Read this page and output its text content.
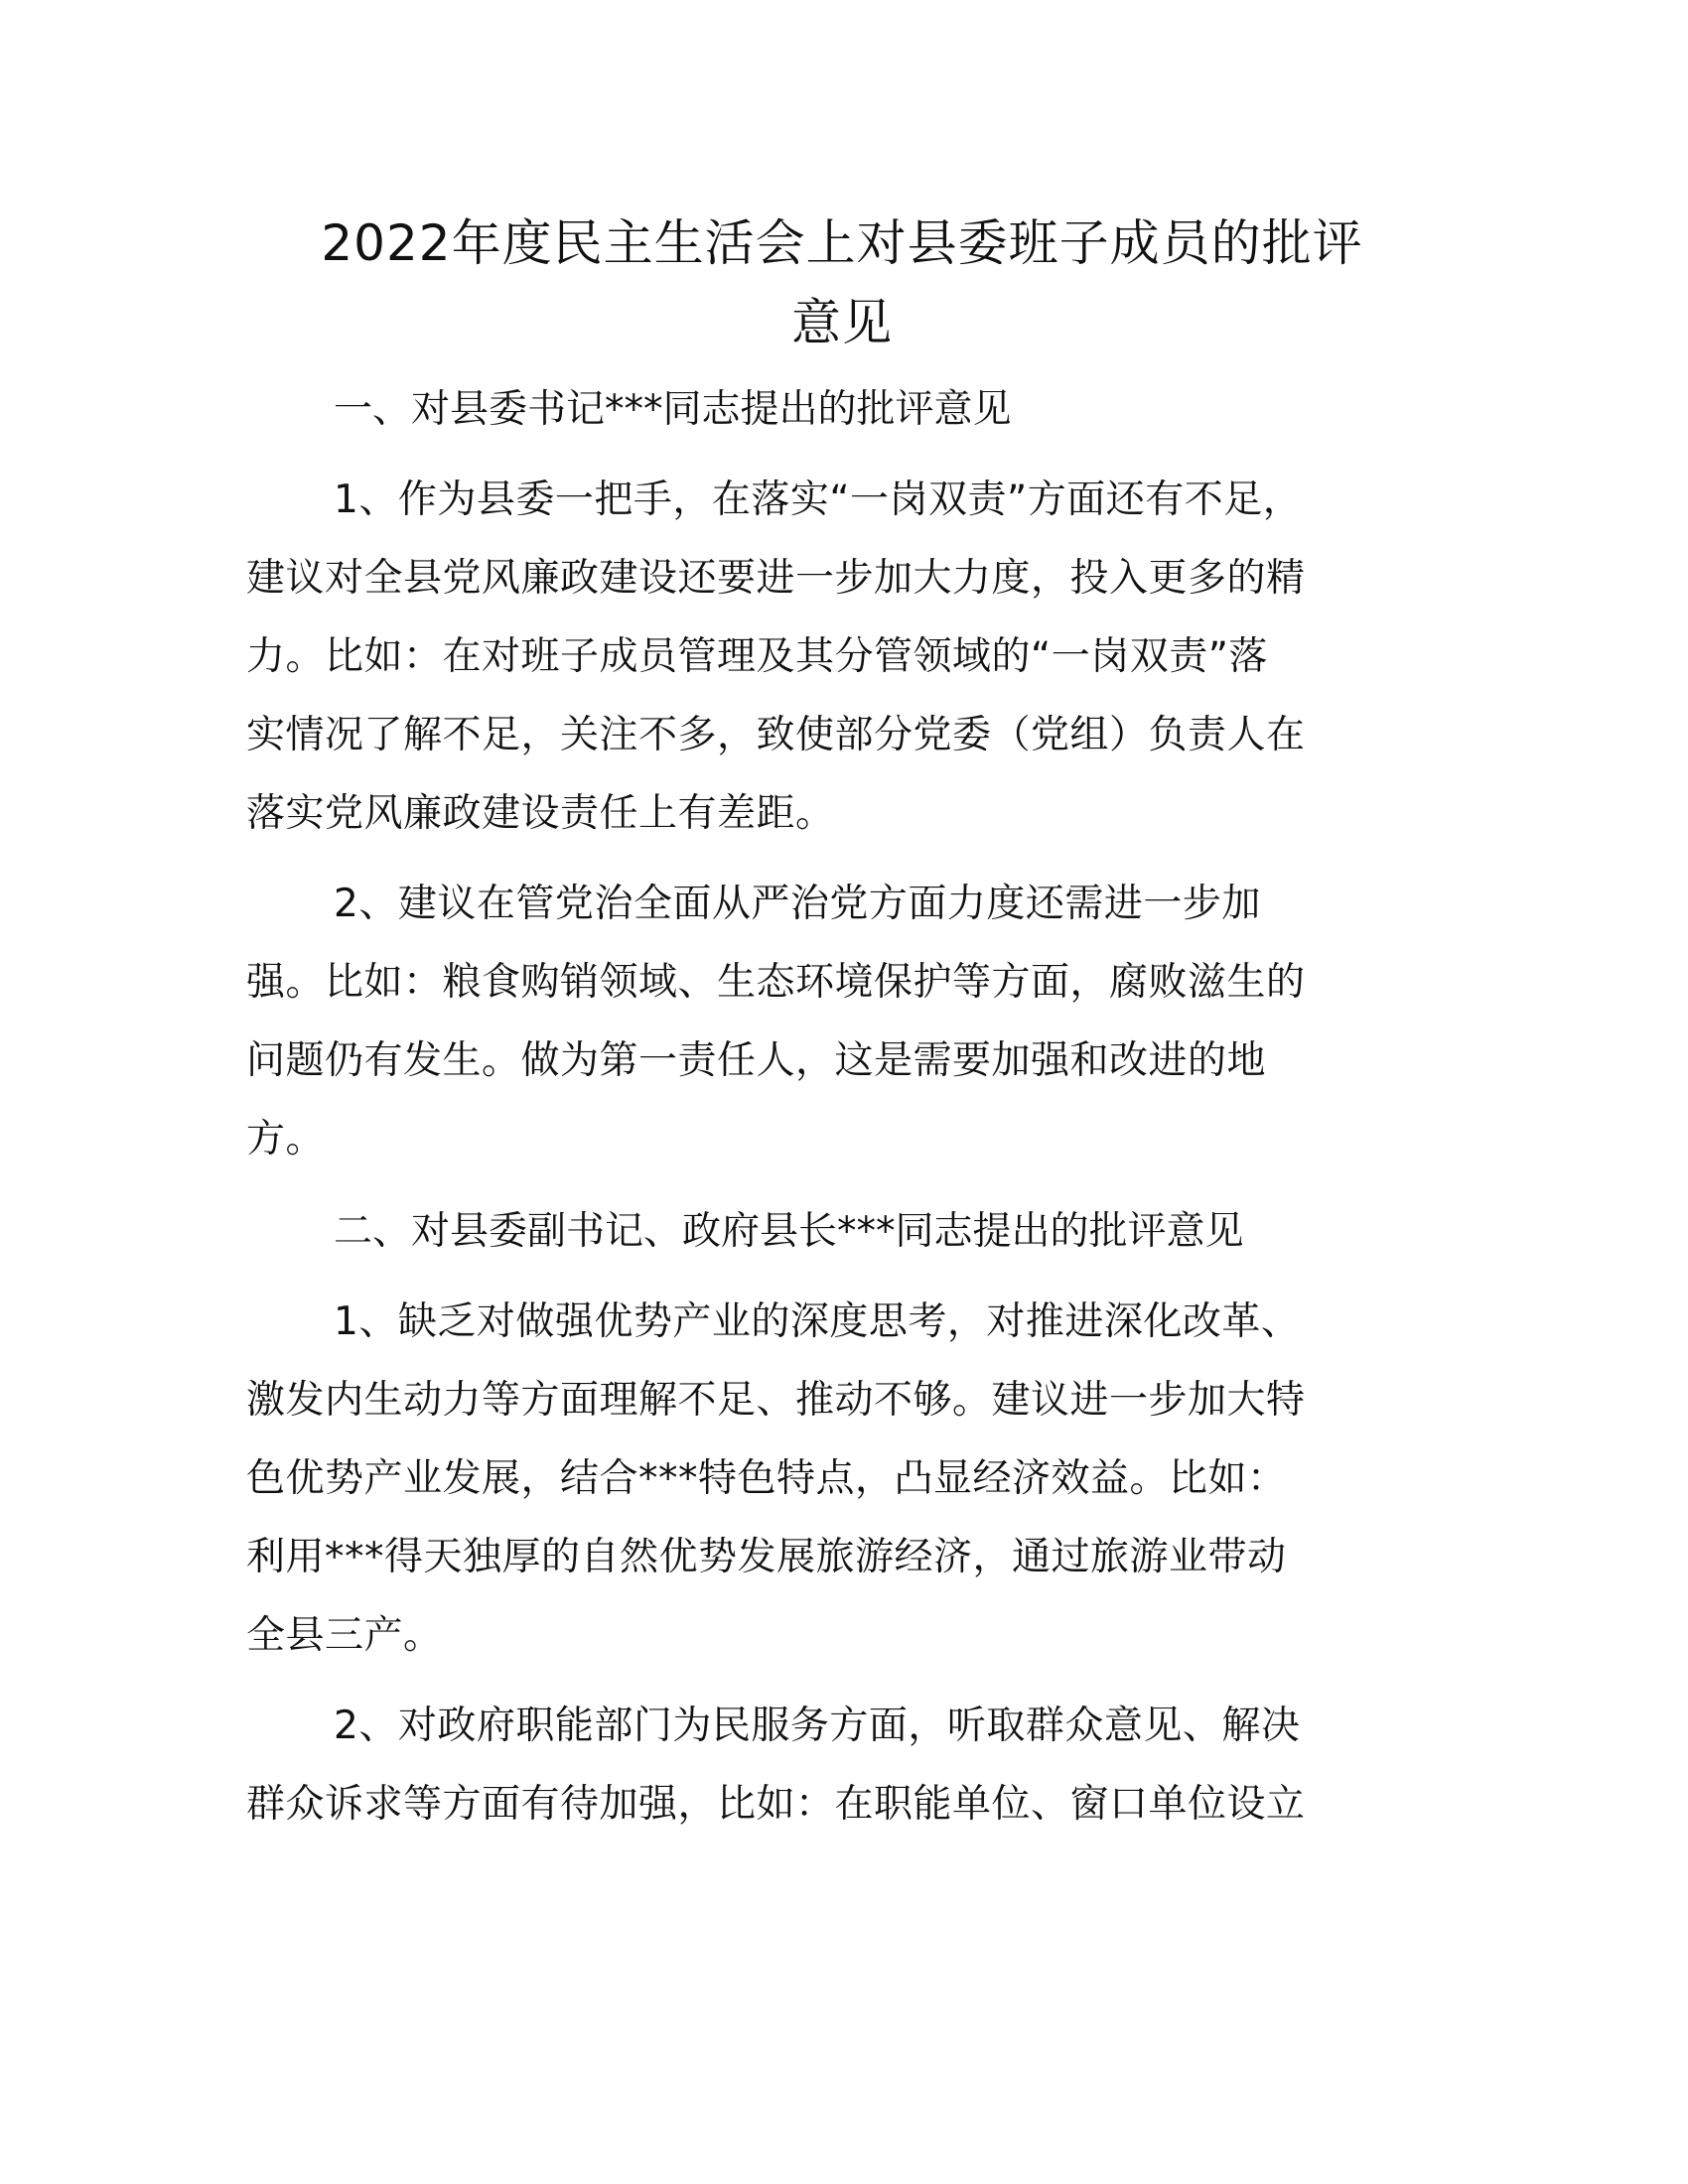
2022年度民主生活会上对县委班子成员的批评
意见
一、对县委书记***同志提出的批评意见

1、作为县委一把手，在落实“一岗双责”方面还有不足，
建议对全县党风廉政建设还要进一步加大力度，投入更多的精
力。比如：在对班子成员管理及其分管领域的“一岗双责”落
实情况了解不足，关注不多，致使部分党委（党组）负责人在
落实党风廉政建设责任上有差距。

2、建议在管党治全面从严治党方面力度还需进一步加
强。比如：粮食购销领域、生态环境保护等方面，腐败滋生的
问题仍有发生。做为第一责任人，这是需要加强和改进的地
方。

二、对县委副书记、政府县长***同志提出的批评意见

1、缺乏对做强优势产业的深度思考，对推进深化改革、
激发内生动力等方面理解不足、推动不够。建议进一步加大特
色优势产业发展，结合***特色特点，凸显经济效益。比如：
利用***得天独厚的自然优势发展旅游经济，通过旅游业带动
全县三产。

2、对政府职能部门为民服务方面，听取群众意见、解决
群众诉求等方面有待加强，比如：在职能单位、窗口单位设立
